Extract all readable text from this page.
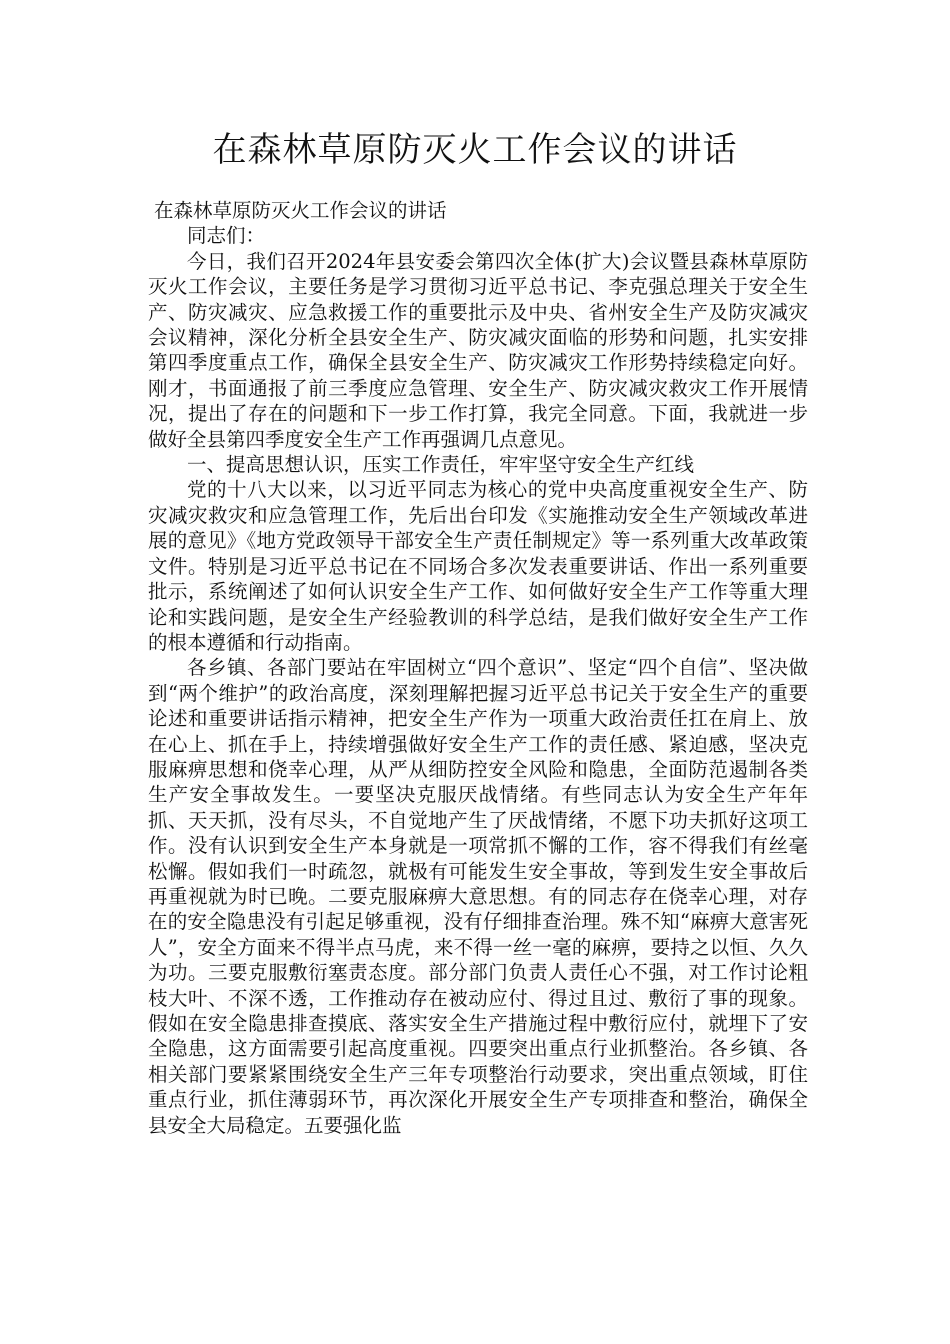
在森林草原防灭火工作会议的讲话

在森林草原防灭火工作会议的讲话

同志们：

今日，我们召开2024年县安委会第四次全体(扩大)会议暨县森林草原防灭火工作会议，主要任务是学习贯彻习近平总书记、李克强总理关于安全生产、防灾减灾、应急救援工作的重要批示及中央、省州安全生产及防灾减灾会议精神，深化分析全县安全生产、防灾减灾面临的形势和问题，扎实安排第四季度重点工作，确保全县安全生产、防灾减灾工作形势持续稳定向好。刚才，书面通报了前三季度应急管理、安全生产、防灾减灾救灾工作开展情况，提出了存在的问题和下一步工作打算，我完全同意。下面，我就进一步做好全县第四季度安全生产工作再强调几点意见。

一、提高思想认识，压实工作责任，牢牢坚守安全生产红线

党的十八大以来，以习近平同志为核心的党中央高度重视安全生产、防灾减灾救灾和应急管理工作，先后出台印发《实施推动安全生产领域改革进展的意见》《地方党政领导干部安全生产责任制规定》等一系列重大改革政策文件。特别是习近平总书记在不同场合多次发表重要讲话、作出一系列重要批示，系统阐述了如何认识安全生产工作、如何做好安全生产工作等重大理论和实践问题，是安全生产经验教训的科学总结，是我们做好安全生产工作的根本遵循和行动指南。

各乡镇、各部门要站在牢固树立“四个意识”、坚定“四个自信”、坚决做到“两个维护”的政治高度，深刻理解把握习近平总书记关于安全生产的重要论述和重要讲话指示精神，把安全生产作为一项重大政治责任扛在肩上、放在心上、抓在手上，持续增强做好安全生产工作的责任感、紧迫感，坚决克服麻痹思想和侥幸心理，从严从细防控安全风险和隐患，全面防范遏制各类生产安全事故发生。一要坚决克服厌战情绪。有些同志认为安全生产年年抓、天天抓，没有尽头，不自觉地产生了厌战情绪，不愿下功夫抓好这项工作。没有认识到安全生产本身就是一项常抓不懈的工作，容不得我们有丝毫松懈。假如我们一时疏忽，就极有可能发生安全事故，等到发生安全事故后再重视就为时已晚。二要克服麻痹大意思想。有的同志存在侥幸心理，对存在的安全隐患没有引起足够重视，没有仔细排查治理。殊不知“麻痹大意害死人”，安全方面来不得半点马虎，来不得一丝一毫的麻痹，要持之以恒、久久为功。三要克服敷衍塞责态度。部分部门负责人责任心不强，对工作讨论粗枝大叶、不深不透，工作推动存在被动应付、得过且过、敷衍了事的现象。假如在安全隐患排查摸底、落实安全生产措施过程中敷衍应付，就埋下了安全隐患，这方面需要引起高度重视。四要突出重点行业抓整治。各乡镇、各相关部门要紧紧围绕安全生产三年专项整治行动要求，突出重点领域，盯住重点行业，抓住薄弱环节，再次深化开展安全生产专项排查和整治，确保全县安全大局稳定。五要强化监
